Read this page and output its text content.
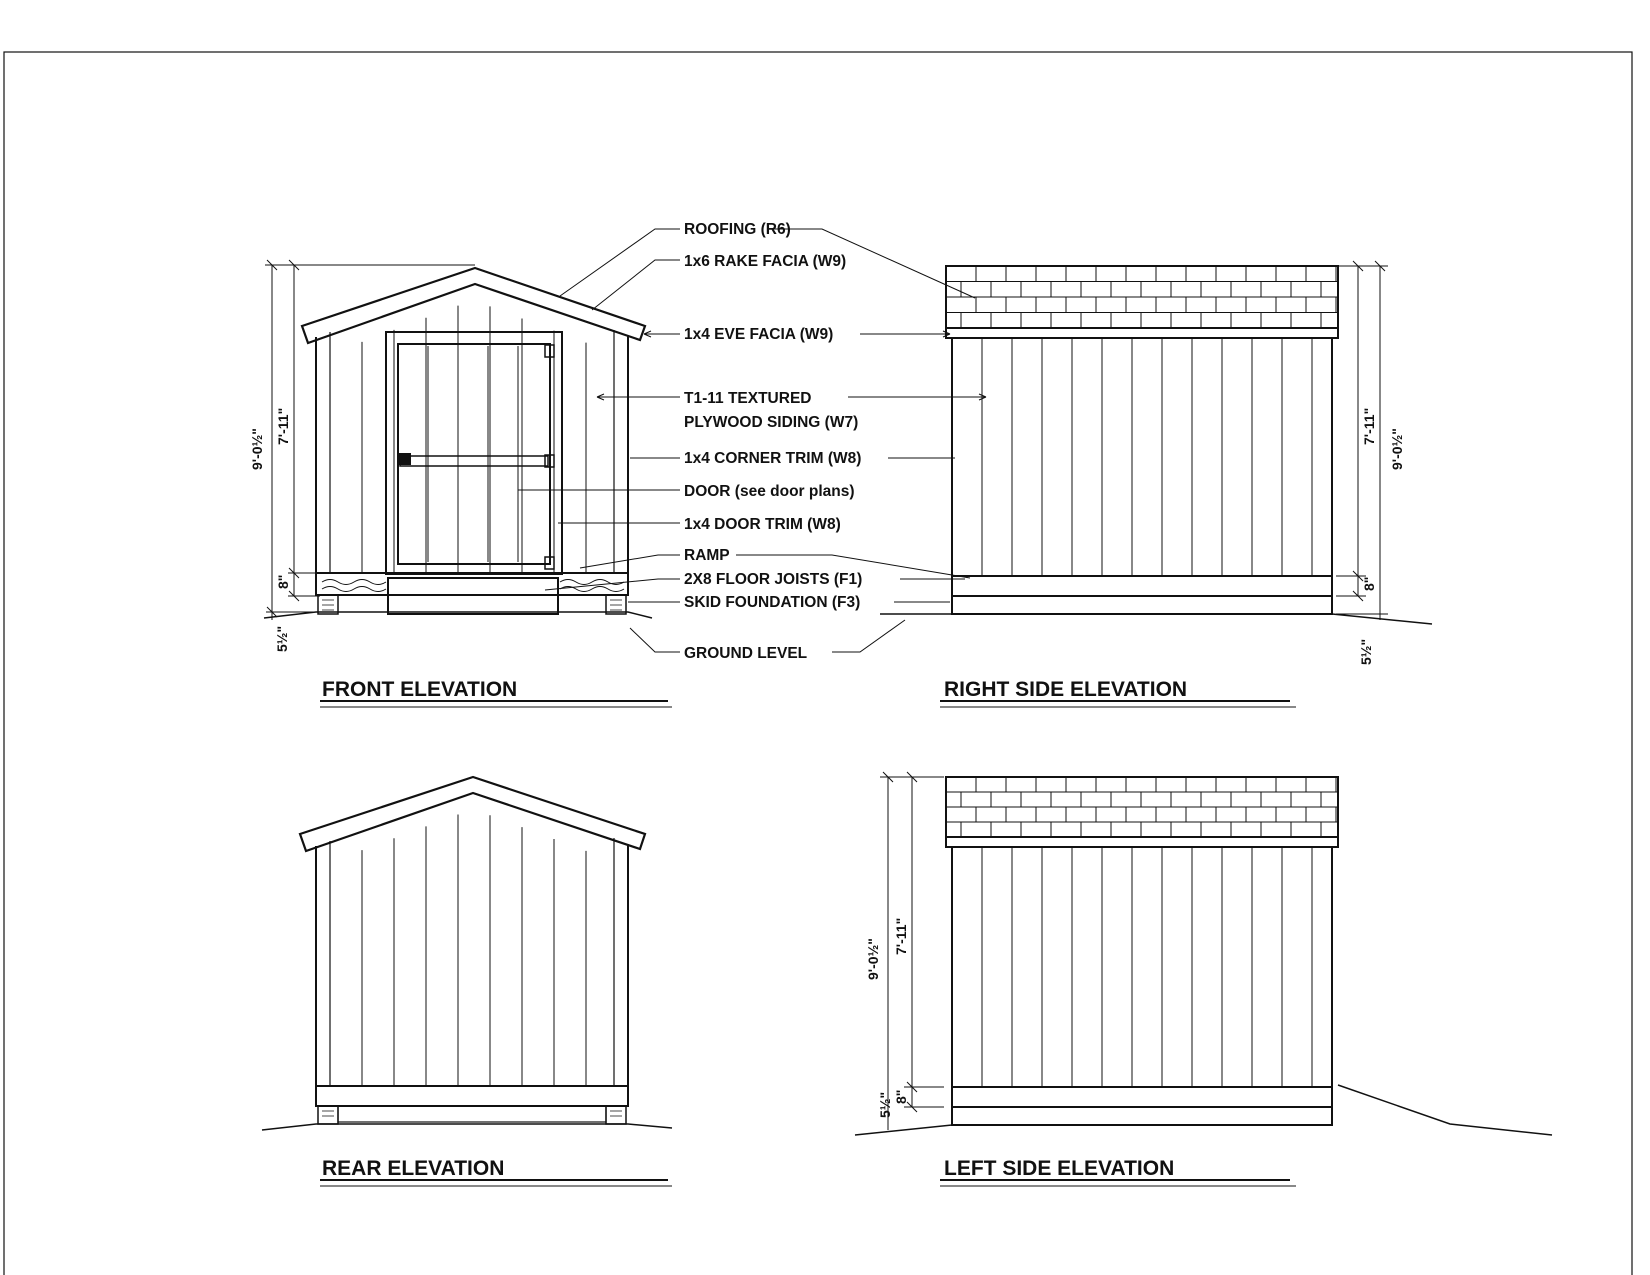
9'-0½"
7'-11"
8"
5½"
FRONT ELEVATION
ROOFING (R6)
1x6 RAKE FACIA (W9)
1x4 EVE FACIA (W9)
T1-11 TEXTURED
PLYWOOD SIDING (W7)
1x4 CORNER TRIM (W8)
DOOR (see door plans)
1x4 DOOR TRIM (W8)
RAMP
2X8 FLOOR JOISTS (F1)
SKID FOUNDATION (F3)
GROUND LEVEL
9'-0½"
7'-11"
8"
5½"
RIGHT SIDE ELEVATION
REAR ELEVATION
9'-0½"
7'-11"
8"
5½"
LEFT SIDE ELEVATION
